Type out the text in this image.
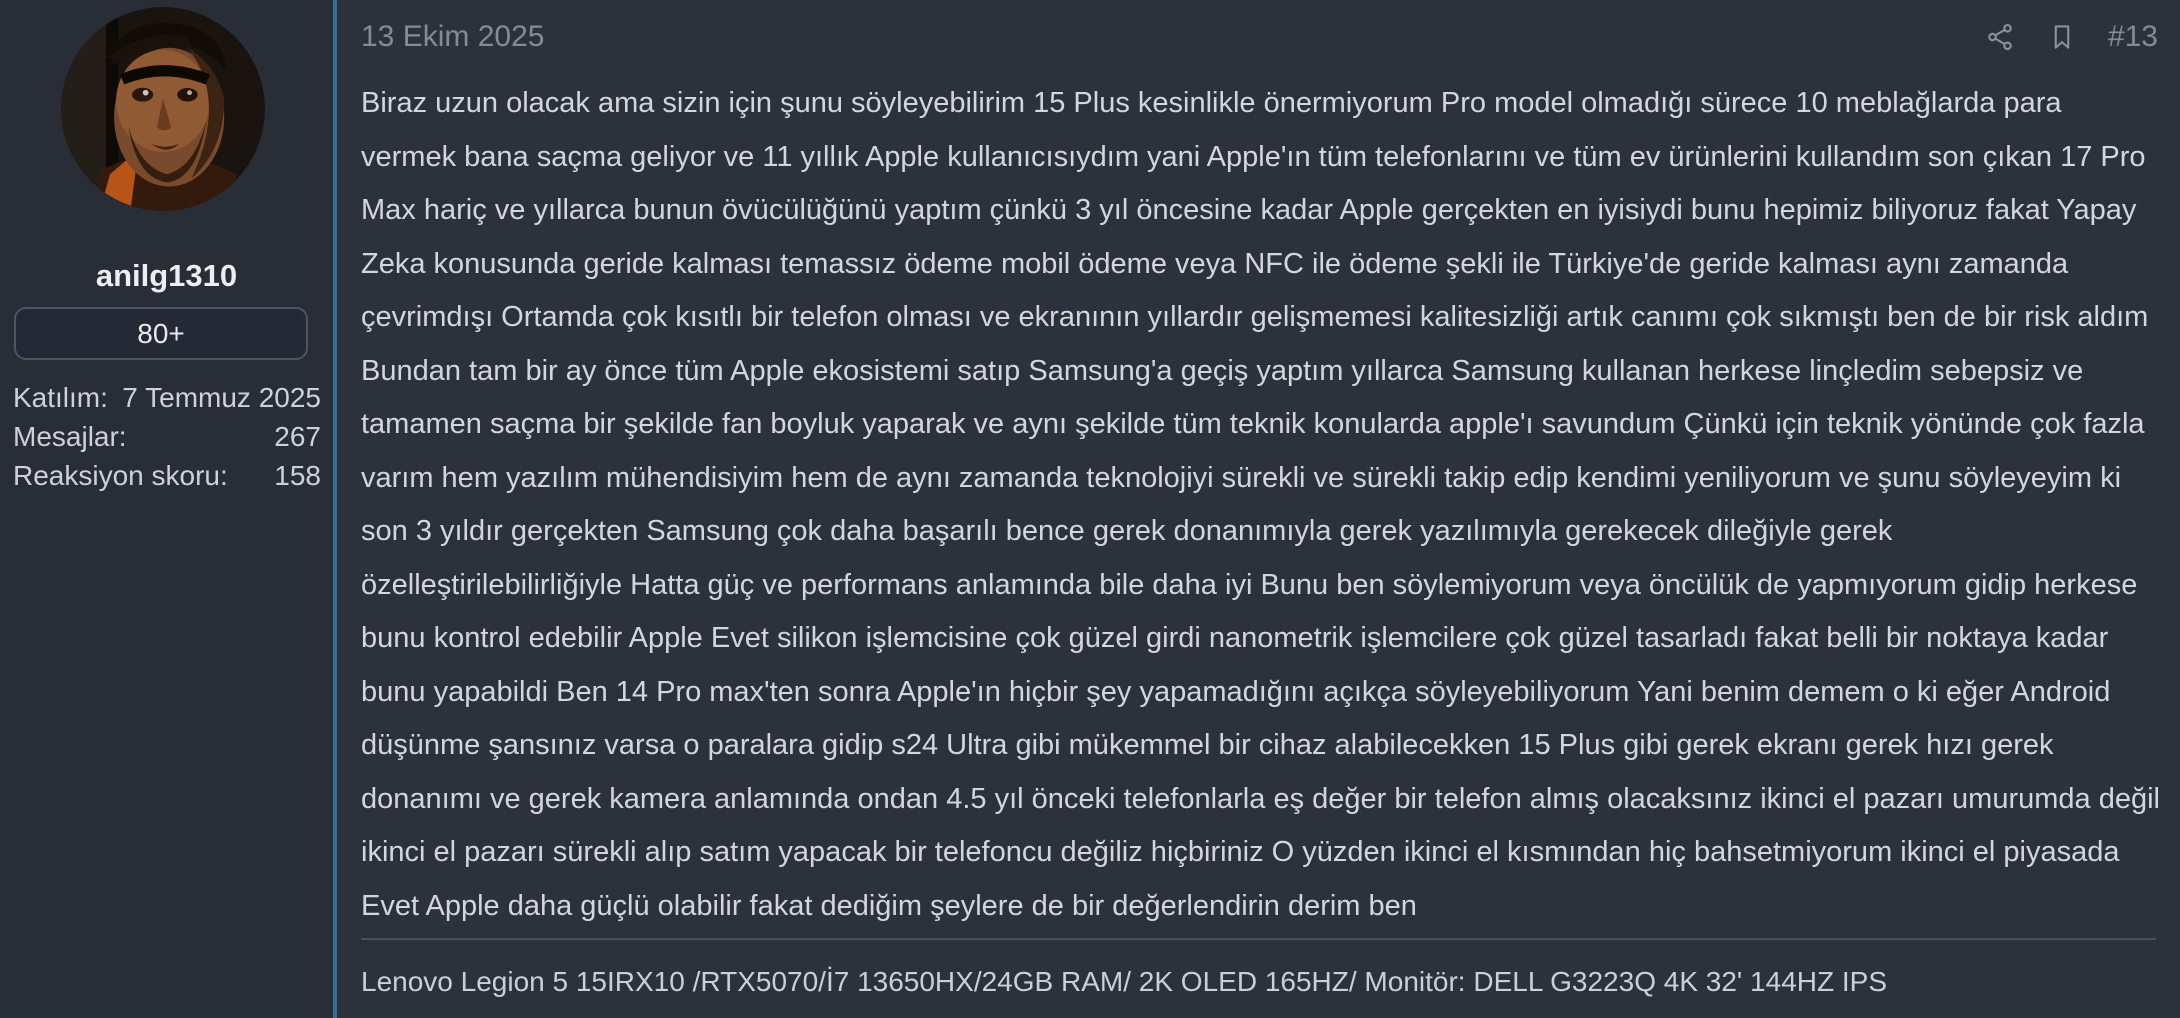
anilg1310
80+
Katılım: 7 Temmuz 2025
Mesajlar:	267
Reaksiyon skoru: 158
13 Ekim 2025	#13
Biraz uzun olacak ama sizin için şunu söyleyebilirim 15 Plus kesinlikle önermiyorum Pro model olmadığı sürece 10 meblağlarda para vermek bana saçma geliyor ve 11 yıllık Apple kullanıcısıydım yani Apple'ın tüm telefonlarını ve tüm ev ürünlerini kullandım son çıkan 17 Pro Max hariç ve yıllarca bunun övücülüğünü yaptım çünkü 3 yıl öncesine kadar Apple gerçekten en iyisiydi bunu hepimiz biliyoruz fakat Yapay Zeka konusunda geride kalması temassız ödeme mobil ödeme veya NFC ile ödeme şekli ile Türkiye'de geride kalması aynı zamanda çevrimdışı Ortamda çok kısıtlı bir telefon olması ve ekranının yıllardır gelişmemesi kalitesizliği artık canımı çok sıkmıştı ben de bir risk aldım Bundan tam bir ay önce tüm Apple ekosistemi satıp Samsung'a geçiş yaptım yıllarca Samsung kullanan herkese linçledim sebepsiz ve tamamen saçma bir şekilde fan boyluk yaparak ve aynı şekilde tüm teknik konularda apple'ı savundum Çünkü için teknik yönünde çok fazla varım hem yazılım mühendisiyim hem de aynı zamanda teknolojiyi sürekli ve sürekli takip edip kendimi yeniliyorum ve şunu söyleyeyim ki son 3 yıldır gerçekten Samsung çok daha başarılı bence gerek donanımıyla gerek yazılımıyla gerekecek dileğiyle gerek özelleştirilebilirliğiyle Hatta güç ve performans anlamında bile daha iyi Bunu ben söylemiyorum veya öncülük de yapmıyorum gidip herkese bunu kontrol edebilir Apple Evet silikon işlemcisine çok güzel girdi nanometrik işlemcilere çok güzel tasarladı fakat belli bir noktaya kadar bunu yapabildi Ben 14 Pro max'ten sonra Apple'ın hiçbir şey yapamadığını açıkça söyleyebiliyorum Yani benim demem o ki eğer Android düşünme şansınız varsa o paralara gidip s24 Ultra gibi mükemmel bir cihaz alabilecekken 15 Plus gibi gerek ekranı gerek hızı gerek donanımı ve gerek kamera anlamında ondan 4.5 yıl önceki telefonlarla eş değer bir telefon almış olacaksınız ikinci el pazarı umurumda değil ikinci el pazarı sürekli alıp satım yapacak bir telefoncu değiliz hiçbiriniz O yüzden ikinci el kısmından hiç bahsetmiyorum ikinci el piyasada Evet Apple daha güçlü olabilir fakat dediğim şeylere de bir değerlendirin derim ben
Lenovo Legion 5 15IRX10 /RTX5070/İ7 13650HX/24GB RAM/ 2K OLED 165HZ/ Monitör: DELL G3223Q 4K 32' 144HZ IPS
